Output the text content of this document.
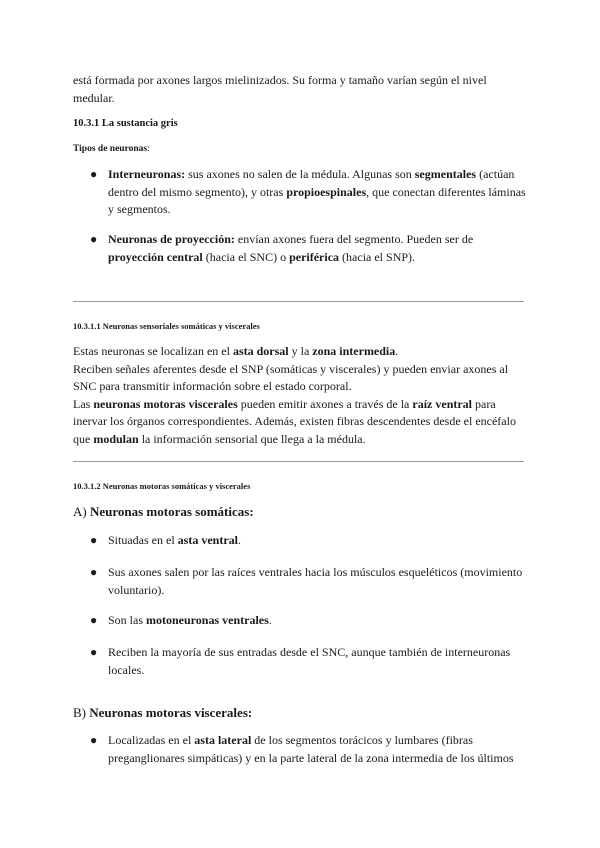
está formada por axones largos mielinizados. Su forma y tamaño varían según el nivel
medular.

10.3.1 La sustancia gris

Tipos de neuronas:

● Interneuronas: sus axones no salen de la médula. Algunas son segmentales (actúan dentro del mismo segmento), y otras propioespinales, que conectan diferentes láminas y segmentos.
● Neuronas de proyección: envían axones fuera del segmento. Pueden ser de proyección central (hacia el SNC) o periférica (hacia el SNP).

10.3.1.1 Neuronas sensoriales somáticas y viscerales

Estas neuronas se localizan en el asta dorsal y la zona intermedia.
Reciben señales aferentes desde el SNP (somáticas y viscerales) y pueden enviar axones al SNC para transmitir información sobre el estado corporal.
Las neuronas motoras viscerales pueden emitir axones a través de la raíz ventral para inervar los órganos correspondientes. Además, existen fibras descendentes desde el encéfalo que modulan la información sensorial que llega a la médula.

10.3.1.2 Neuronas motoras somáticas y viscerales

A) Neuronas motoras somáticas:

● Situadas en el asta ventral.
● Sus axones salen por las raíces ventrales hacia los músculos esqueléticos (movimiento voluntario).
● Son las motoneuronas ventrales.
● Reciben la mayoría de sus entradas desde el SNC, aunque también de interneuronas locales.

B) Neuronas motoras viscerales:

● Localizadas en el asta lateral de los segmentos torácicos y lumbares (fibras preganglionares simpáticas) y en la parte lateral de la zona intermedia de los últimos
